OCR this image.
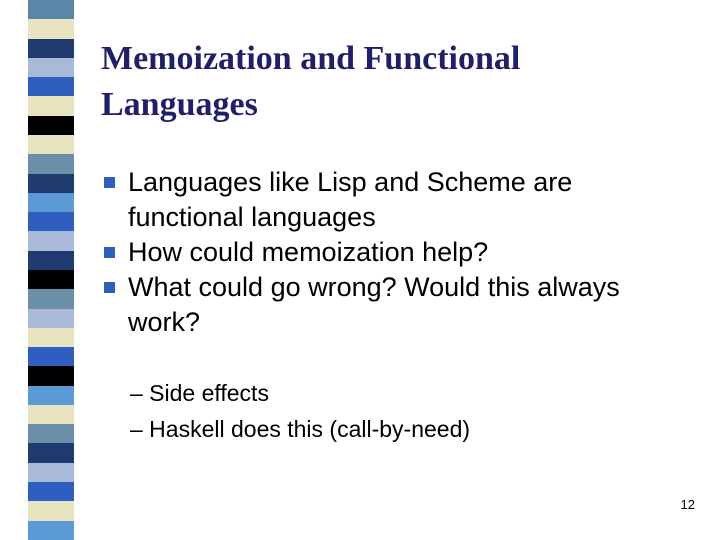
Memoization and Functional
Languages
Languages like Lisp and Scheme are functional languages
How could memoization help?
What could go wrong? Would this always work?
– Side effects
– Haskell does this (call-by-need)
12
